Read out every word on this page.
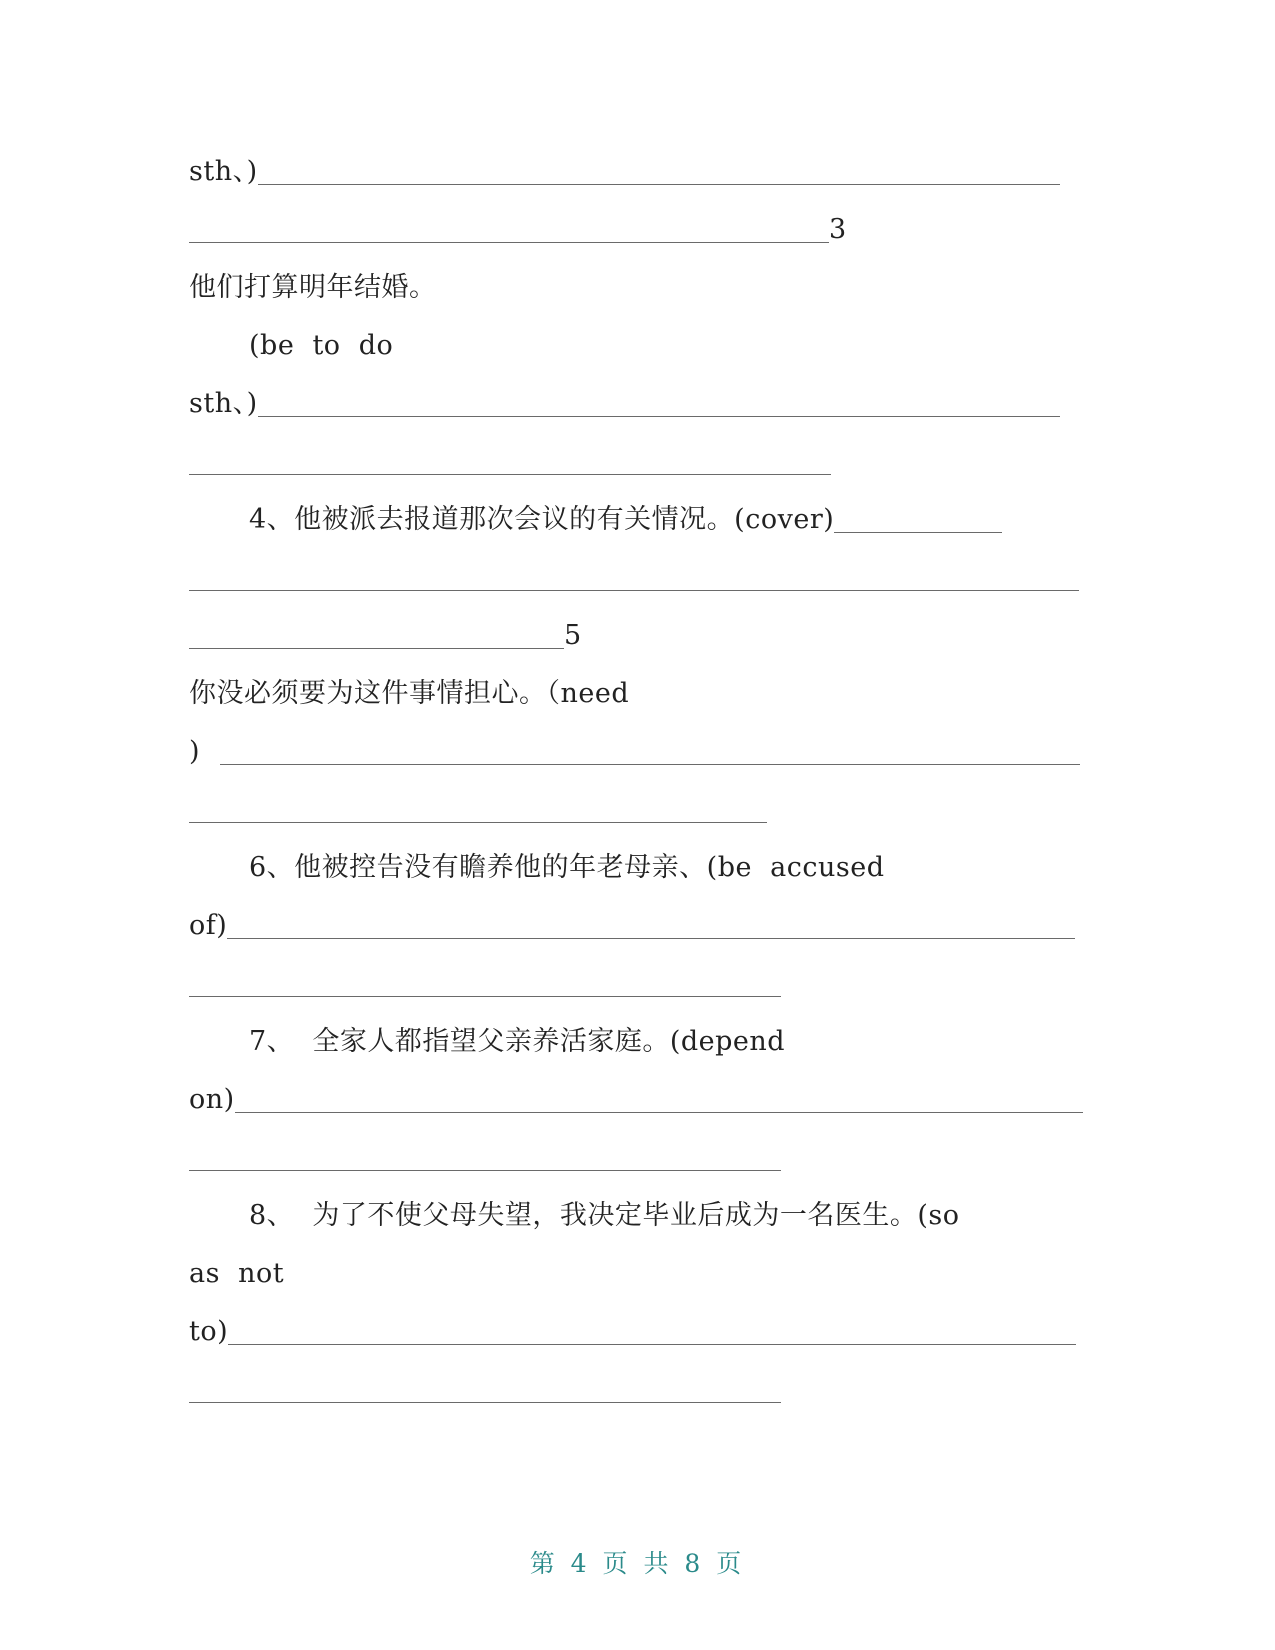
sth、)
3
他们打算明年结婚。
(be  to  do
sth、)
4、他被派去报道那次会议的有关情况。(cover)
5
你没必须要为这件事情担心。（need
)
6、他被控告没有瞻养他的年老母亲、(be  accused
of)
7、  全家人都指望父亲养活家庭。(depend
on)
8、  为了不使父母失望，我决定毕业后成为一名医生。(so
as  not
to)
第 4 页 共 8 页
